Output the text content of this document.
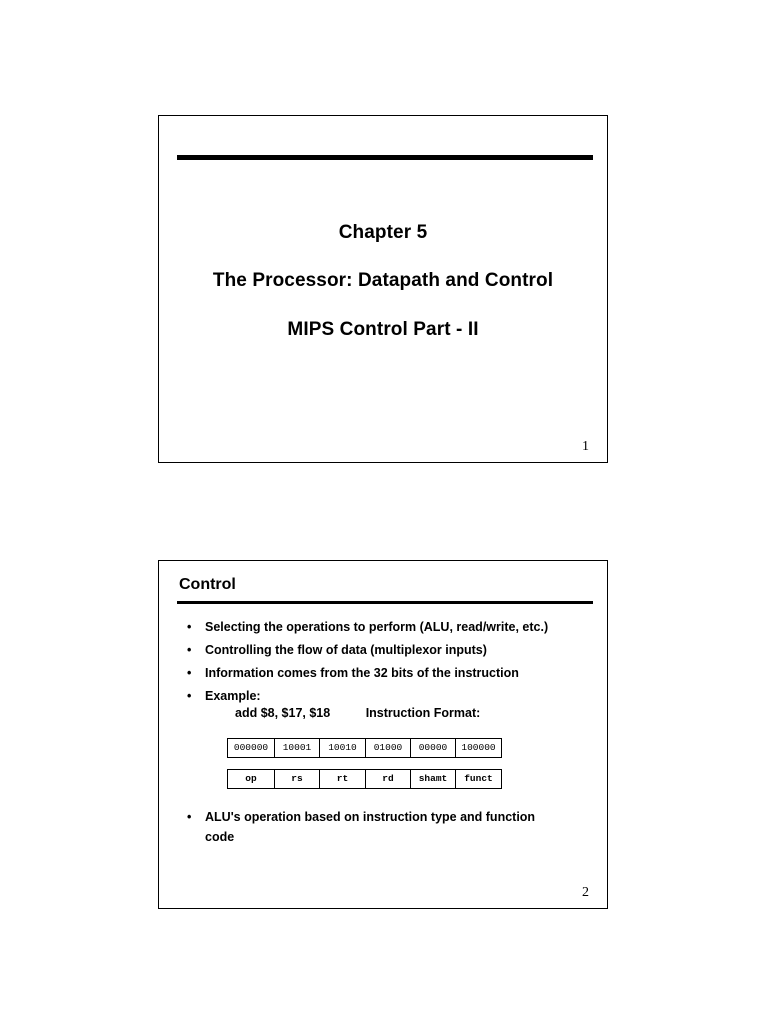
Chapter 5
The Processor: Datapath and Control
MIPS Control Part - II
1
Control
• Selecting the operations to perform (ALU, read/write, etc.)
• Controlling the flow of data (multiplexor inputs)
• Information comes from the 32 bits of the instruction
• Example:
add $8, $17, $18	Instruction Format:
000000	10001	10010	01000	00000	100000
op	rs	rt	rd	shamt	funct
• ALU's operation based on instruction type and function code
2
